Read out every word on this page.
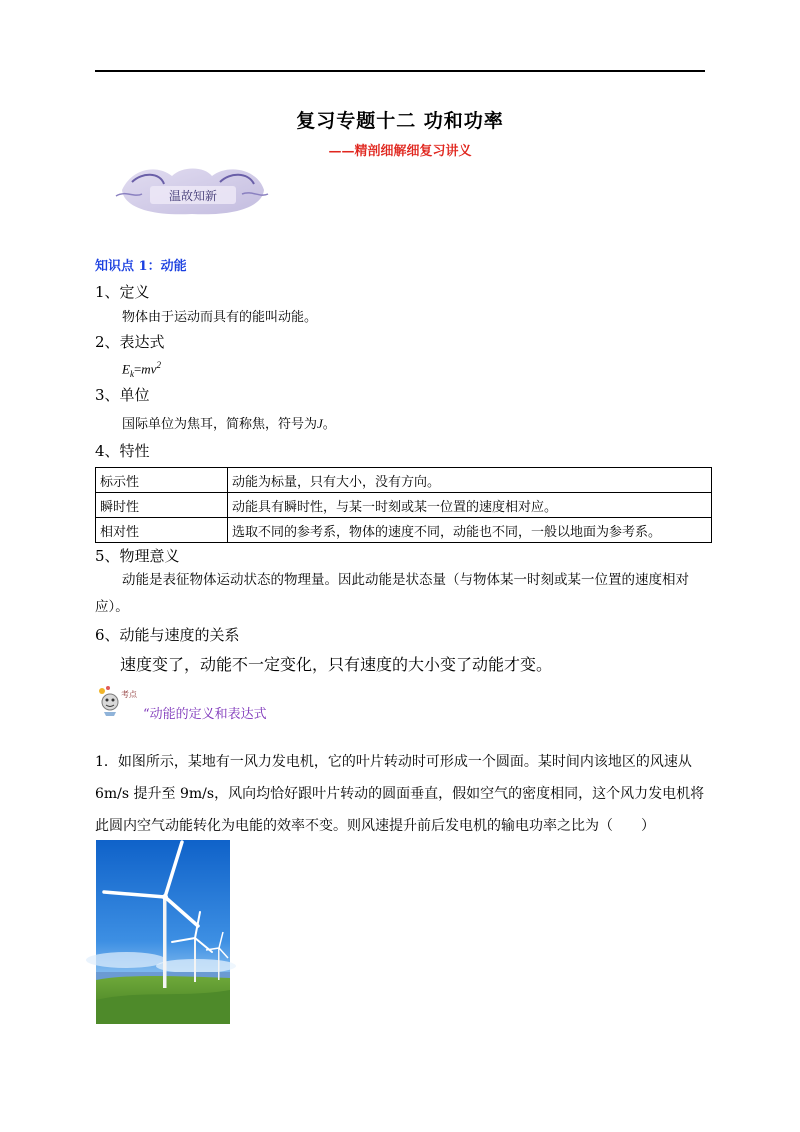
复习专题十二 功和功率
——精剖细解细复习讲义
温故知新
知识点 1：动能
1、定义
物体由于运动而具有的能叫动能。
2、表达式
$E_k=mv^2$
3、单位
国际单位为焦耳，简称焦，符号为J。
4、特性
标示性	动能为标量，只有大小，没有方向。
瞬时性	动能具有瞬时性，与某一时刻或某一位置的速度相对应。
相对性	选取不同的参考系，物体的速度不同，动能也不同，一般以地面为参考系。
5、物理意义
动能是表征物体运动状态的物理量。因此动能是状态量（与物体某一时刻或某一位置的速度相对应）。
6、动能与速度的关系
速度变了，动能不一定变化，只有速度的大小变了动能才变。
考点
“动能的定义和表达式
1．如图所示，某地有一风力发电机，它的叶片转动时可形成一个圆面。某时间内该地区的风速从6m/s 提升至 9m/s，风向均恰好跟叶片转动的圆面垂直，假如空气的密度相同，这个风力发电机将此圆内空气动能转化为电能的效率不变。则风速提升前后发电机的输电功率之比为（　　）
